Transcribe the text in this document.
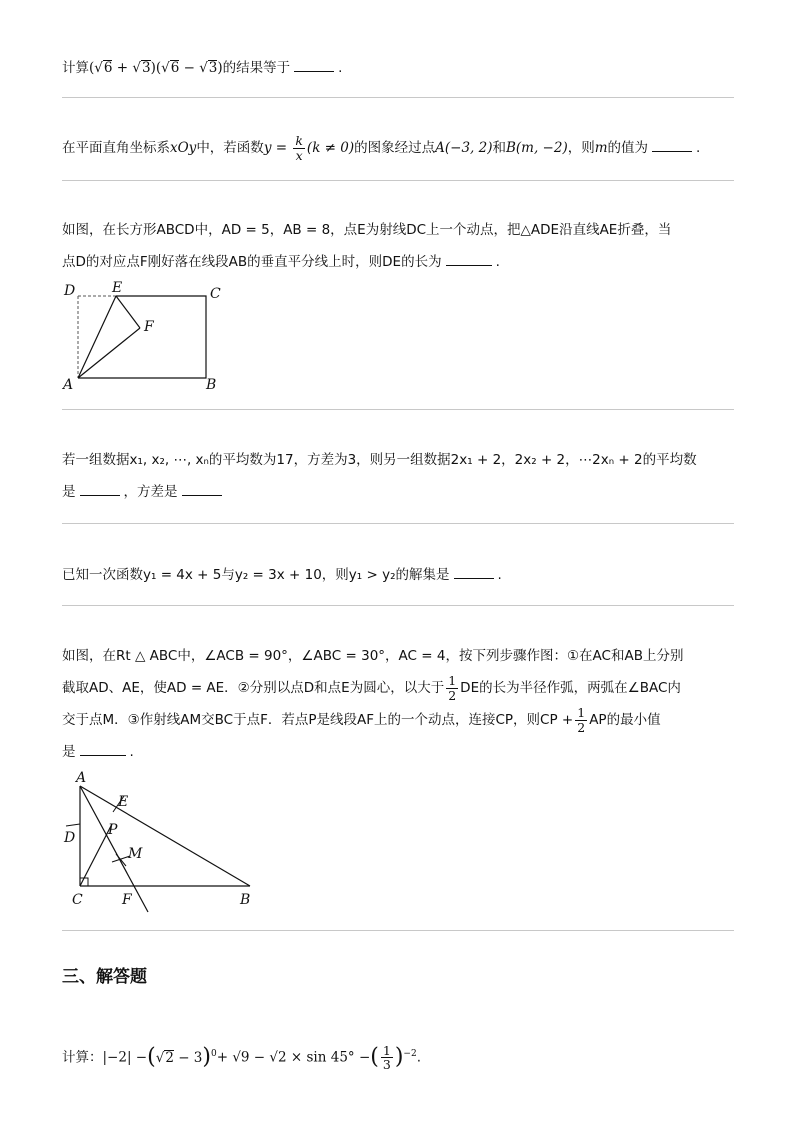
计算(√6 + √3)(√6 − √3)的结果等于	.
在平面直角坐标系xOy中，若函数$y = \frac{k}{x} (k \ne 0)$的图象经过点A(−3, 2)和B(m, −2)，则m的值为	.
如图，在长方形ABCD中，AD = 5，AB = 8，点E为射线DC上一个动点，把△ADE沿直线AE折叠，当
点D的对应点F刚好落在线段AB的垂直平分线上时，则DE的长为	.
D	E	C
F
A	B
若一组数据x₁, x₂, ⋯, xₙ的平均数为17，方差为3，则另一组数据2x₁ + 2，2x₂ + 2，⋯2xₙ + 2的平均数
是	，方差是
已知一次函数y₁ = 4x + 5与y₂ = 3x + 10，则y₁ > y₂的解集是	.
如图，在Rt △ ABC中，∠ACB = 90°，∠ABC = 30°，AC = 4，按下列步骤作图：①在AC和AB上分别
截取AD、AE，使AD = AE．②分别以点D和点E为圆心，以大于 $\frac{1}{2}$ DE的长为半径作弧，两弧在∠BAC内
交于点M．③作射线AM交BC于点F．若点P是线段AF上的一个动点，连接CP，则CP + $\frac{1}{2}$ AP的最小值
是	.
A
E
D P
M
C	F	B
三、解答题
计算：$|-2| -(√2 - 3)^0+ √9 - √2 \times \sin 45^\circ$ −( $\frac{1}{3} )^{-2}$.
